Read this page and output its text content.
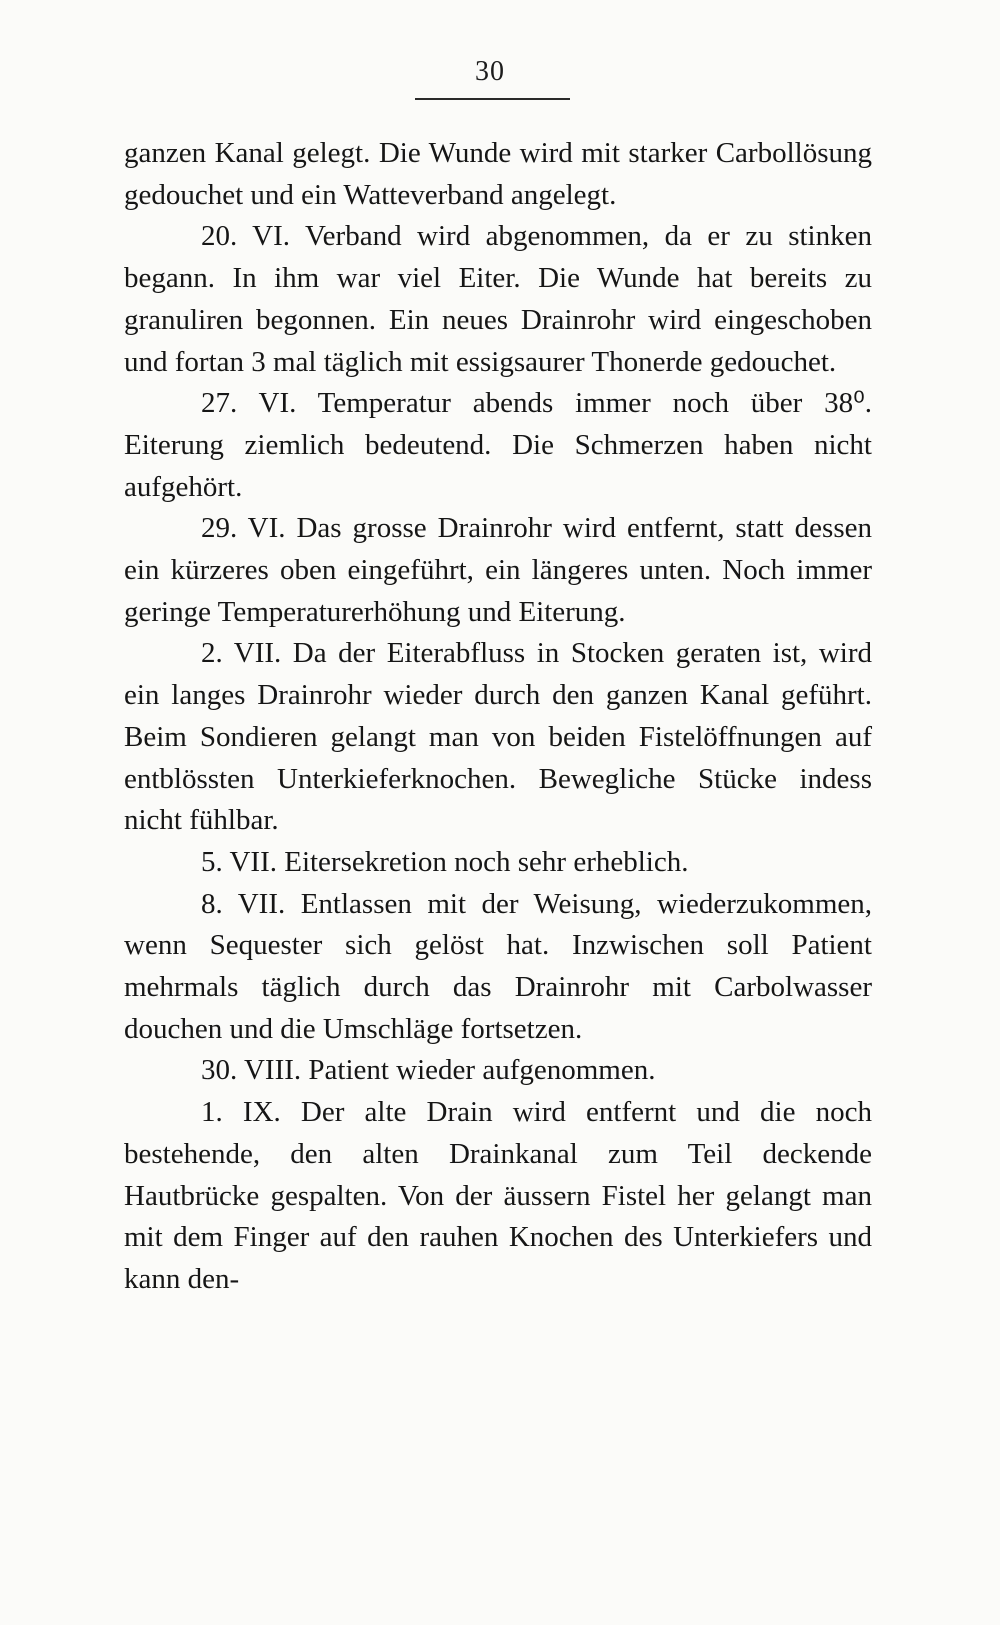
30

ganzen Kanal gelegt. Die Wunde wird mit starker Carbollösung gedouchet und ein Watteverband angelegt.

20. VI. Verband wird abgenommen, da er zu stinken begann. In ihm war viel Eiter. Die Wunde hat bereits zu granuliren begonnen. Ein neues Drainrohr wird eingeschoben und fortan 3 mal täglich mit essigsaurer Thonerde gedouchet.

27. VI. Temperatur abends immer noch über 38⁰. Eiterung ziemlich bedeutend. Die Schmerzen haben nicht aufgehört.

29. VI. Das grosse Drainrohr wird entfernt, statt dessen ein kürzeres oben eingeführt, ein längeres unten. Noch immer geringe Temperaturerhöhung und Eiterung.

2. VII. Da der Eiterabfluss in Stocken geraten ist, wird ein langes Drainrohr wieder durch den ganzen Kanal geführt. Beim Sondieren gelangt man von beiden Fistelöffnungen auf entblössten Unterkieferknochen. Bewegliche Stücke indess nicht fühlbar.

5. VII. Eitersekretion noch sehr erheblich.

8. VII. Entlassen mit der Weisung, wiederzukommen, wenn Sequester sich gelöst hat. Inzwischen soll Patient mehrmals täglich durch das Drainrohr mit Carbolwasser douchen und die Umschläge fortsetzen.

30. VIII. Patient wieder aufgenommen.

1. IX. Der alte Drain wird entfernt und die noch bestehende, den alten Drainkanal zum Teil deckende Hautbrücke gespalten. Von der äussern Fistel her gelangt man mit dem Finger auf den rauhen Knochen des Unterkiefers und kann den-
